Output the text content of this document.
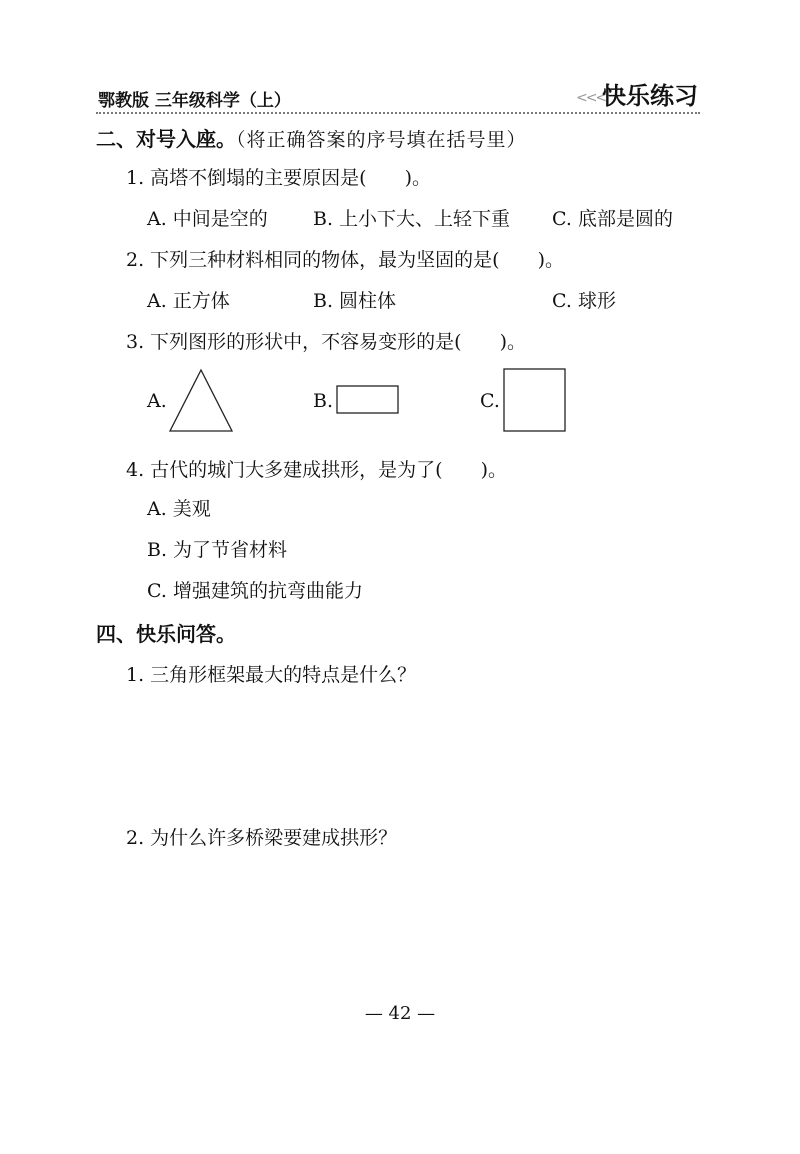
鄂教版 三年级科学（上）	<<<
快乐练习
二、对号入座。（将正确答案的序号填在括号里）
1. 高塔不倒塌的主要原因是(　　)。
A. 中间是空的 B. 上小下大、上轻下重 C. 底部是圆的
2. 下列三种材料相同的物体，最为坚固的是(　　)。
A. 正方体	B. 圆柱体	C. 球形
3. 下列图形的形状中，不容易变形的是(　　)。
A.	B.	C.
4. 古代的城门大多建成拱形，是为了(　　)。
A. 美观
B. 为了节省材料
C. 增强建筑的抗弯曲能力
四、快乐问答。
1. 三角形框架最大的特点是什么？
2. 为什么许多桥梁要建成拱形？
— 42 —
